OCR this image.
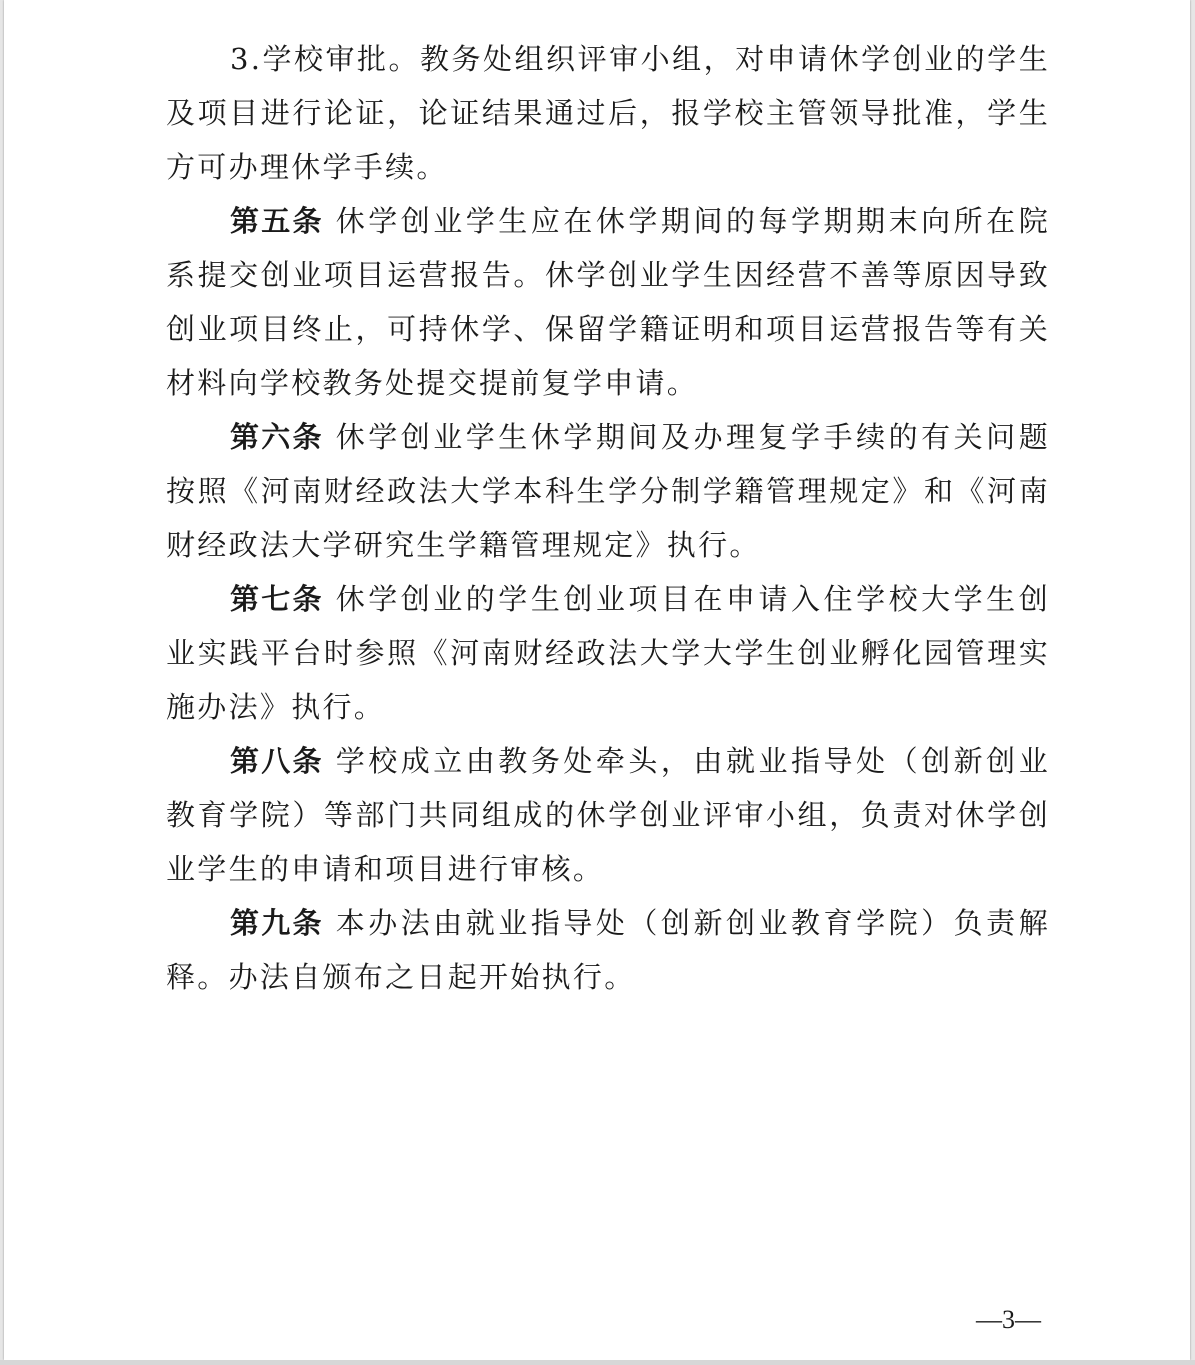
3.学校审批。教务处组织评审小组，对申请休学创业的学生及项目进行论证，论证结果通过后，报学校主管领导批准，学生方可办理休学手续。

第五条 休学创业学生应在休学期间的每学期期末向所在院系提交创业项目运营报告。休学创业学生因经营不善等原因导致创业项目终止，可持休学、保留学籍证明和项目运营报告等有关材料向学校教务处提交提前复学申请。

第六条 休学创业学生休学期间及办理复学手续的有关问题按照《河南财经政法大学本科生学分制学籍管理规定》和《河南财经政法大学研究生学籍管理规定》执行。

第七条 休学创业的学生创业项目在申请入住学校大学生创业实践平台时参照《河南财经政法大学大学生创业孵化园管理实施办法》执行。

第八条 学校成立由教务处牵头，由就业指导处（创新创业教育学院）等部门共同组成的休学创业评审小组，负责对休学创业学生的申请和项目进行审核。

第九条 本办法由就业指导处（创新创业教育学院）负责解释。办法自颁布之日起开始执行。

—3—
